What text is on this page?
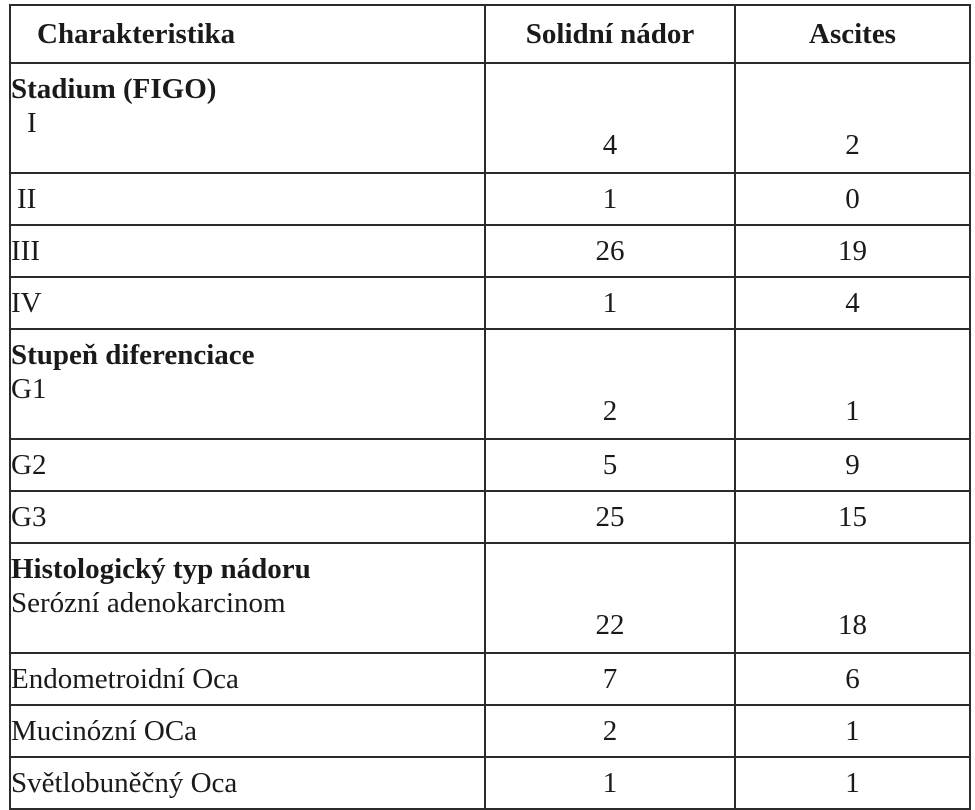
Charakteristika	Solidní nádor	Ascites

Stadium (FIGO)
I	4	2
II	1	0
III	26	19
IV	1	4

Stupeň diferenciace
G1	2	1
G2	5	9
G3	25	15

Histologický typ nádoru
Serózní adenokarcinom	22	18
Endometroidní Oca	7	6
Mucinózní OCa	2	1
Světlobuněčný Oca	1	1
